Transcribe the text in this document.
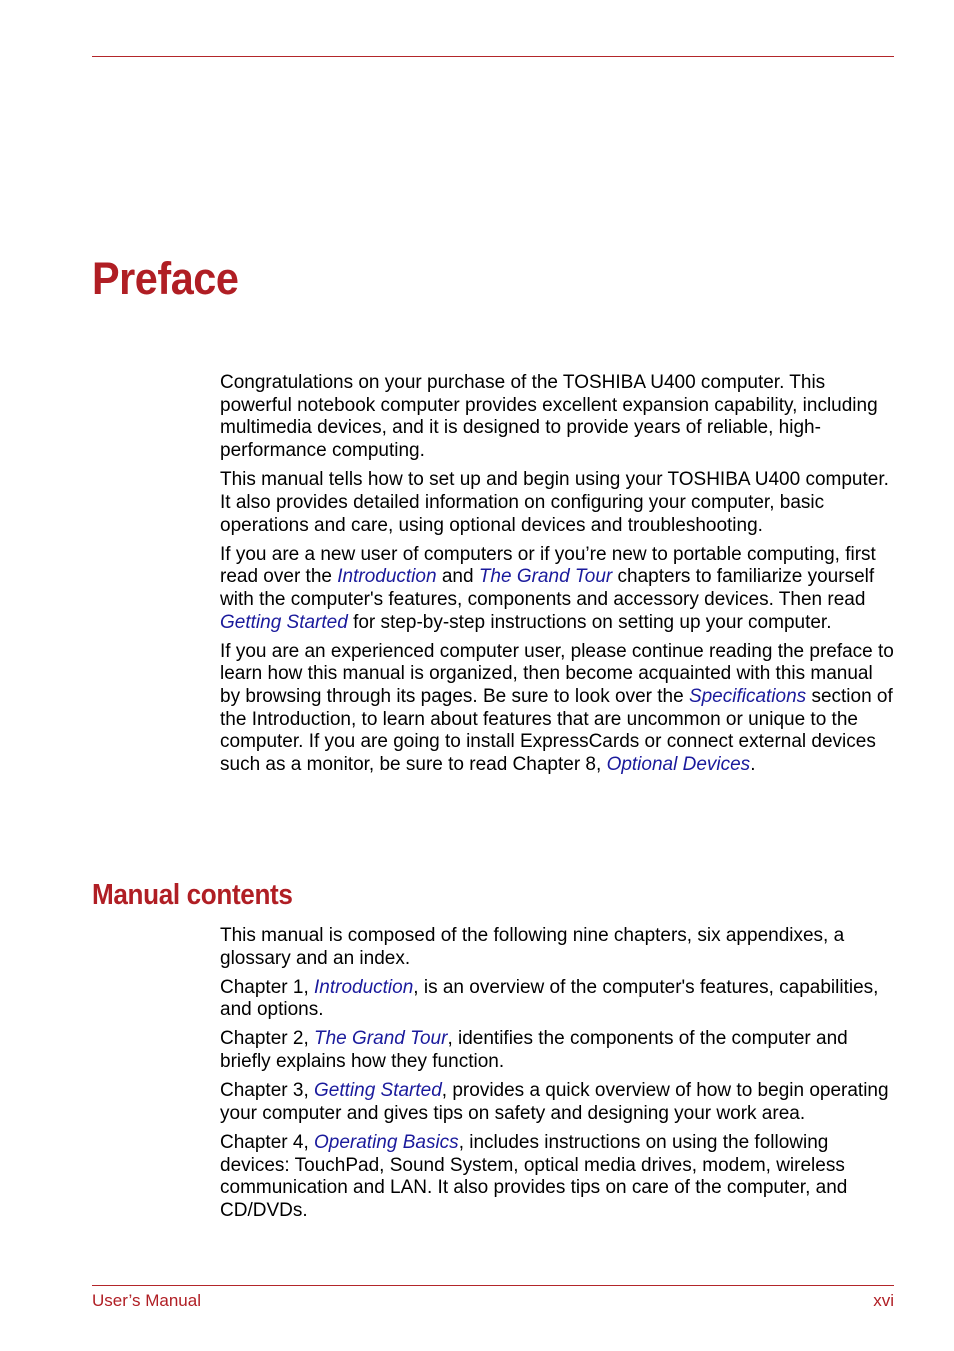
Preface

Congratulations on your purchase of the TOSHIBA U400 computer. This powerful notebook computer provides excellent expansion capability, including multimedia devices, and it is designed to provide years of reliable, high-performance computing.

This manual tells how to set up and begin using your TOSHIBA U400 computer. It also provides detailed information on configuring your computer, basic operations and care, using optional devices and troubleshooting.

If you are a new user of computers or if you’re new to portable computing, first read over the Introduction and The Grand Tour chapters to familiarize yourself with the computer's features, components and accessory devices. Then read Getting Started for step-by-step instructions on setting up your computer.

If you are an experienced computer user, please continue reading the preface to learn how this manual is organized, then become acquainted with this manual by browsing through its pages. Be sure to look over the Specifications section of the Introduction, to learn about features that are uncommon or unique to the computer. If you are going to install ExpressCards or connect external devices such as a monitor, be sure to read Chapter 8, Optional Devices.

Manual contents

This manual is composed of the following nine chapters, six appendixes, a glossary and an index.

Chapter 1, Introduction, is an overview of the computer's features, capabilities, and options.

Chapter 2, The Grand Tour, identifies the components of the computer and briefly explains how they function.

Chapter 3, Getting Started, provides a quick overview of how to begin operating your computer and gives tips on safety and designing your work area.

Chapter 4, Operating Basics, includes instructions on using the following devices: TouchPad, Sound System, optical media drives, modem, wireless communication and LAN. It also provides tips on care of the computer, and CD/DVDs.

User’s Manual	xvi
